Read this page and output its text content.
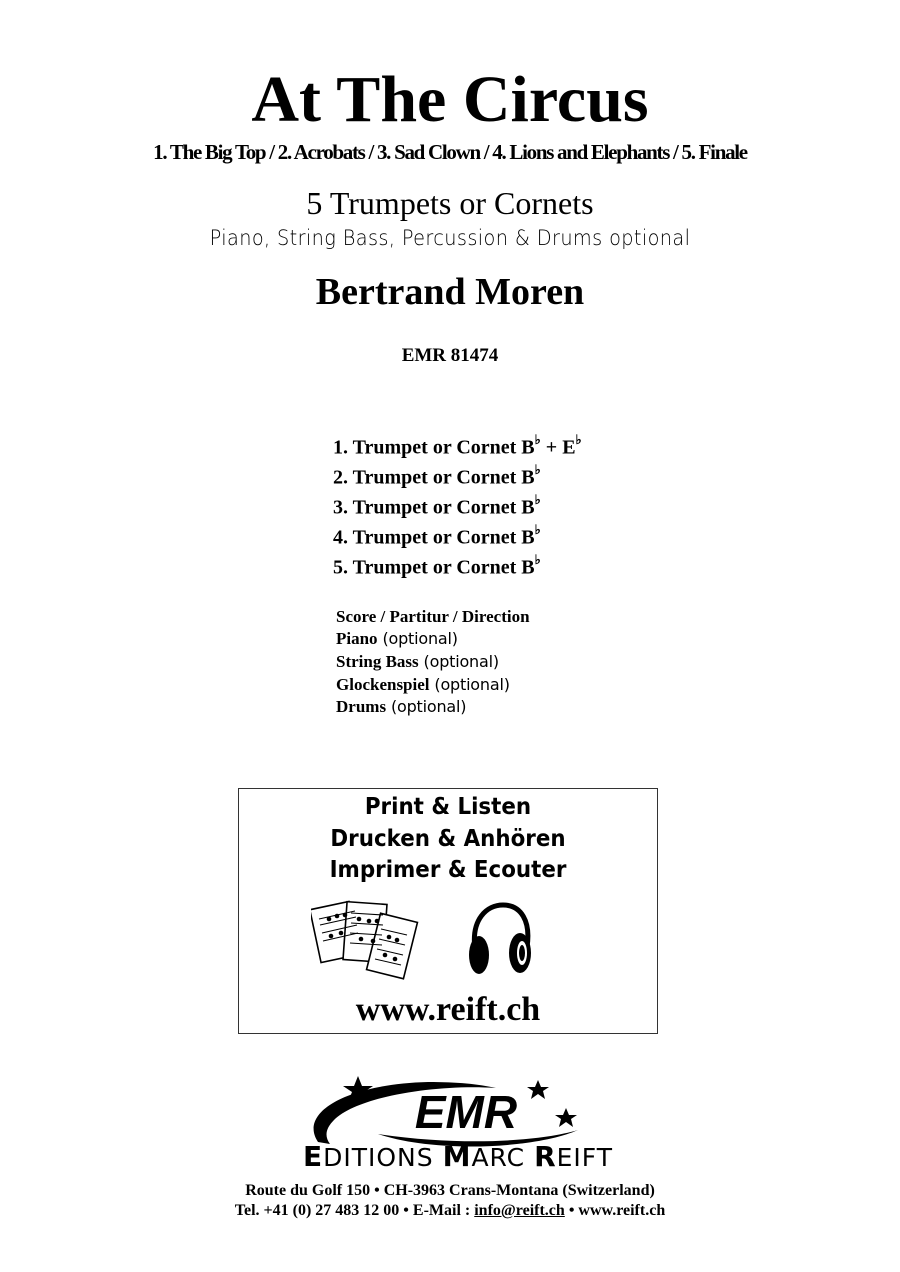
At The Circus
1. The Big Top / 2. Acrobats / 3. Sad Clown / 4. Lions and Elephants / 5. Finale
5 Trumpets or Cornets
Piano, String Bass, Percussion & Drums optional
Bertrand Moren
EMR 81474
1. Trumpet or Cornet B♭ + E♭
2. Trumpet or Cornet B♭
3. Trumpet or Cornet B♭
4. Trumpet or Cornet B♭
5. Trumpet or Cornet B♭
Score / Partitur / Direction
Piano (optional)
String Bass (optional)
Glockenspiel (optional)
Drums (optional)
Print & Listen
Drucken & Anhören
Imprimer & Ecouter
www.reift.ch
EMR
EDITIONS MARC REIFT
Route du Golf 150 • CH-3963 Crans-Montana (Switzerland)
Tel. +41 (0) 27 483 12 00 • E-Mail : info@reift.ch • www.reift.ch
